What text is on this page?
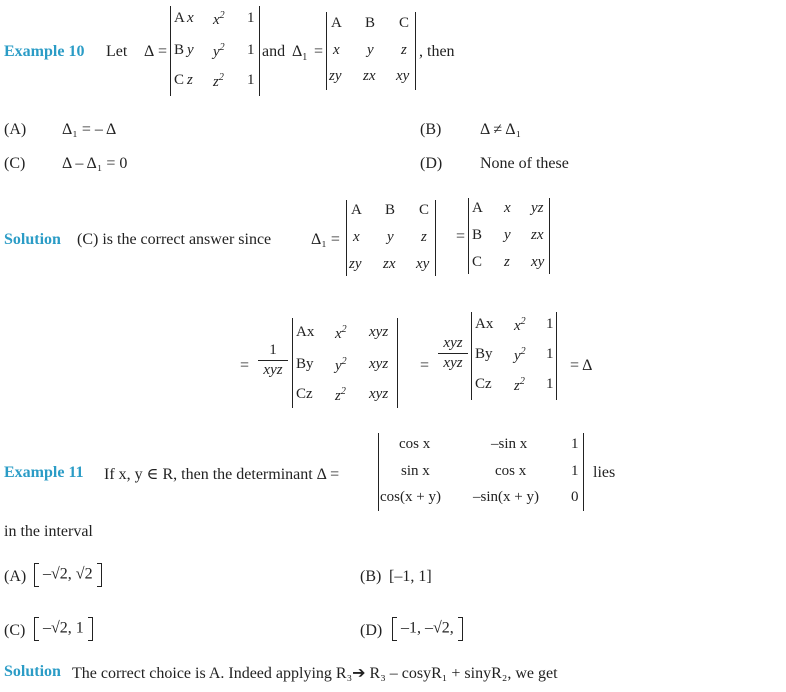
Example 10 Let Δ =
A x $x^2$ 1
B y $y^2$ 1
C z $z^2$ 1
and $\Delta_1$ =
A B C
x y z
zy zx xy
, then
(A) Δ₁ = – Δ	(B) Δ ≠ Δ₁
(C) Δ – Δ₁ = 0	(D) None of these
Solution (C) is the correct answer since Δ₁ =
A B C
x y z
zy zx xy
=
A x yz
B y zx
C z xy
=
1
xyz
Ax $x^2$ xyz
By $y^2$ xyz
Cz $z^2$ xyz
=
xyz
xyz
Ax $x^2$ 1
By $y^2$ 1
Cz $z^2$ 1
= Δ
Example 11 If x, y ∈ R, then the determinant Δ =
cos x	–sin x	1
sin x	cos x	1
cos(x + y) –sin(x + y) 0
lies
in the interval
(A)	–√2, √2	(B) [–1, 1]
(C)	–√2, 1	(D)	–1, –√2,
Solution The correct choice is A. Indeed applying R₃➔ R₃ – cosyR₁ + sinyR₂, we get
